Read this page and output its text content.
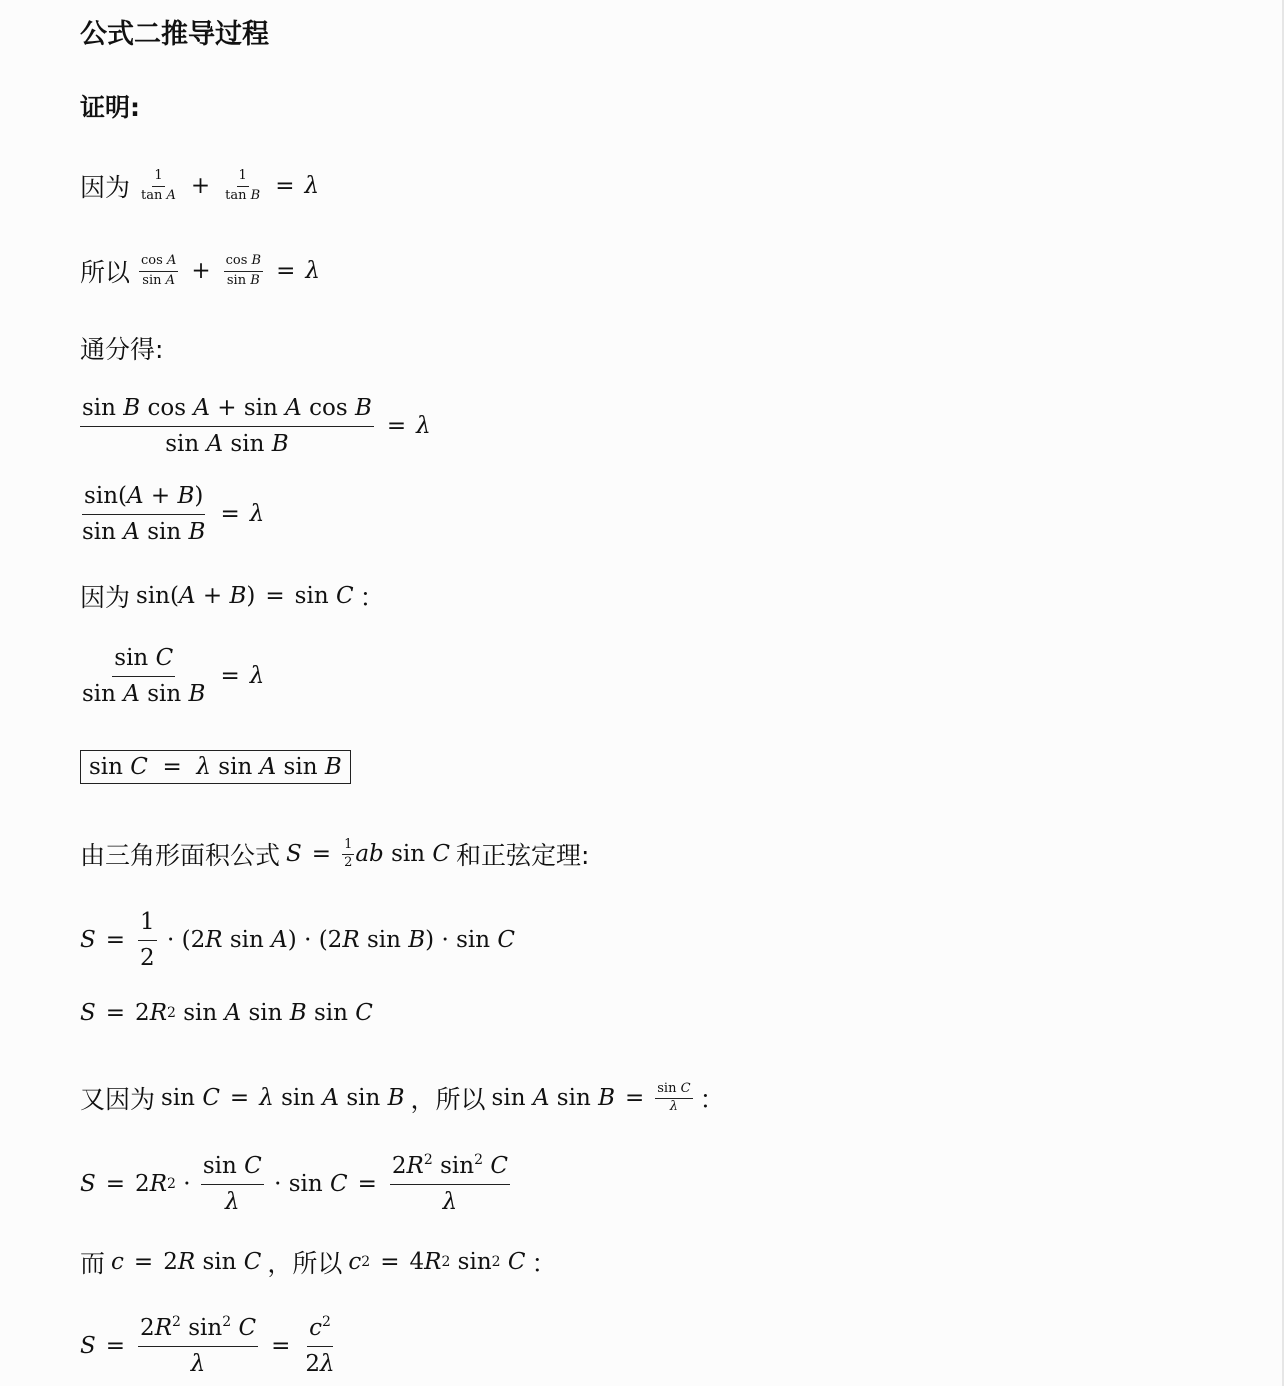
公式二推导过程
证明:
因为 $\frac{1}{\text{tan A}}$ +	$\frac{1}{\text{tan B}} = \lambda$
所以 $\frac{\text{cos A}}{\text{sin A}}$ +	$\frac{\text{cos B}}{\text{sin B}} = \lambda$
通分得:
$\frac{\text{sin B cos A + sin A cos B}}{\text{sin A sin B}} = \lambda$
$\frac{\sin(A + B)}{\text{sin A sin B}} = \lambda$
因为 sin( A + B ) = sin C ：
$\frac{\text{sin C}}{\text{sin A sin B}} = \lambda$
sin C  =  λ sin A sin B
由三角形面积公式 $S = \frac{1}{2}$ ab sin C 和正弦定理:
$S = \frac{1}{2} \cdot (2$ R sin A ) · (2 R sin B ) · sin C
S = 2 R 2 sin A sin B sin C
又因为 sin C = λ sin A sin B ，所以 sin A $\sin B = \frac{\text{sin C}}{\lambda}$ ：
S = 2 R $2 \cdot \frac{\text{sin C}}{\lambda} \cdot \sin C = \frac{2R^2 \sin^2 C}{\lambda}$
而 c = 2 R sin C ，所以 c 2 = 4 R 2 sin 2
C ：
$S = \frac{2R^2 \sin^2 C}{\lambda} = \frac{c^2}{2\lambda}$
